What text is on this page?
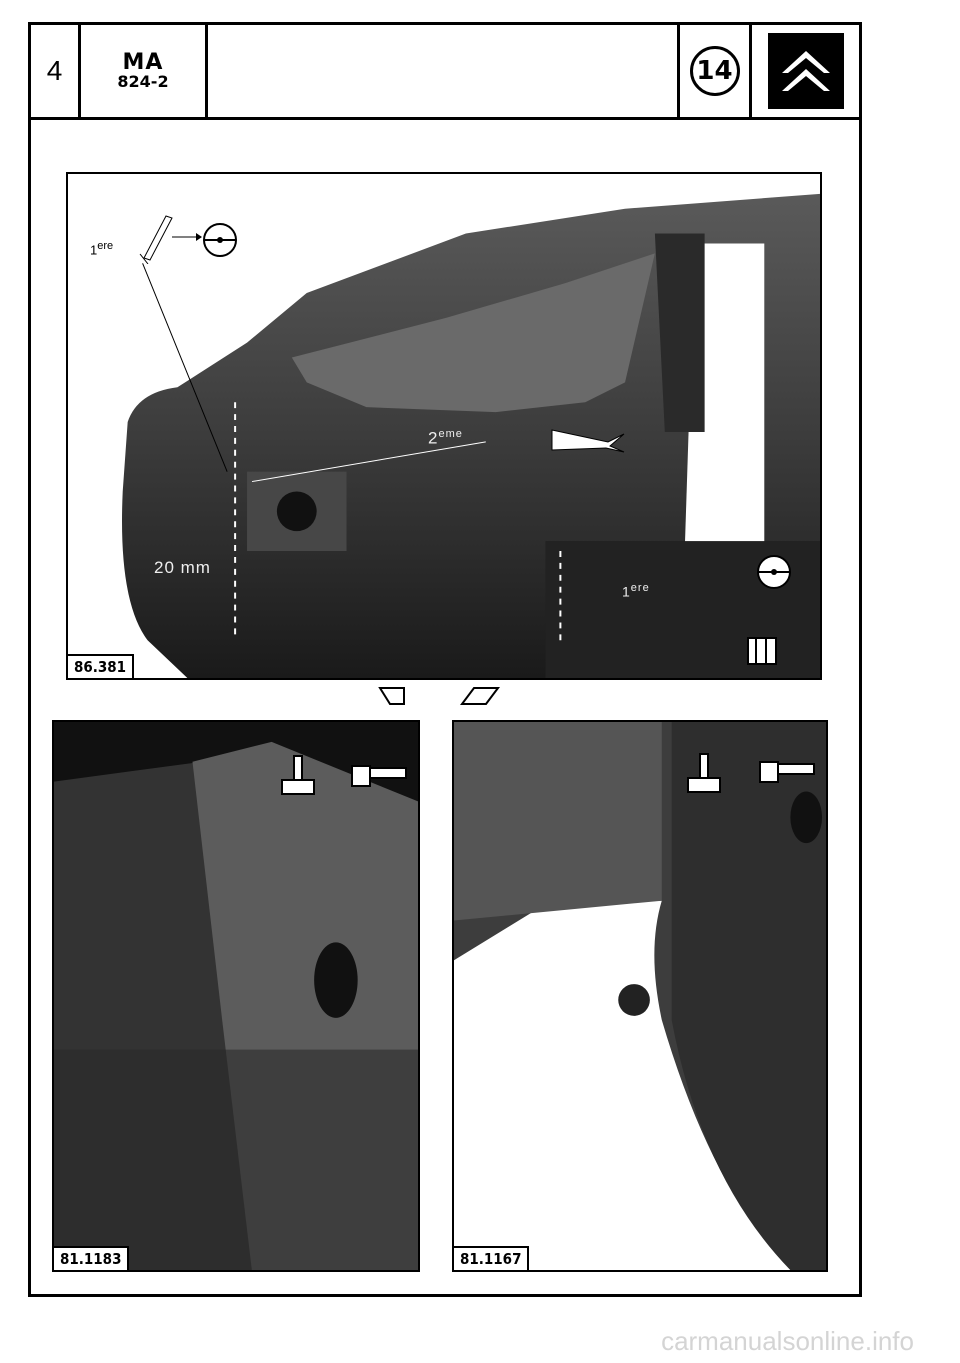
4	MA
824-2	14
1ere
2eme
20 mm
1ere
86.381
81.1183	81.1167
carmanualsonline.info
